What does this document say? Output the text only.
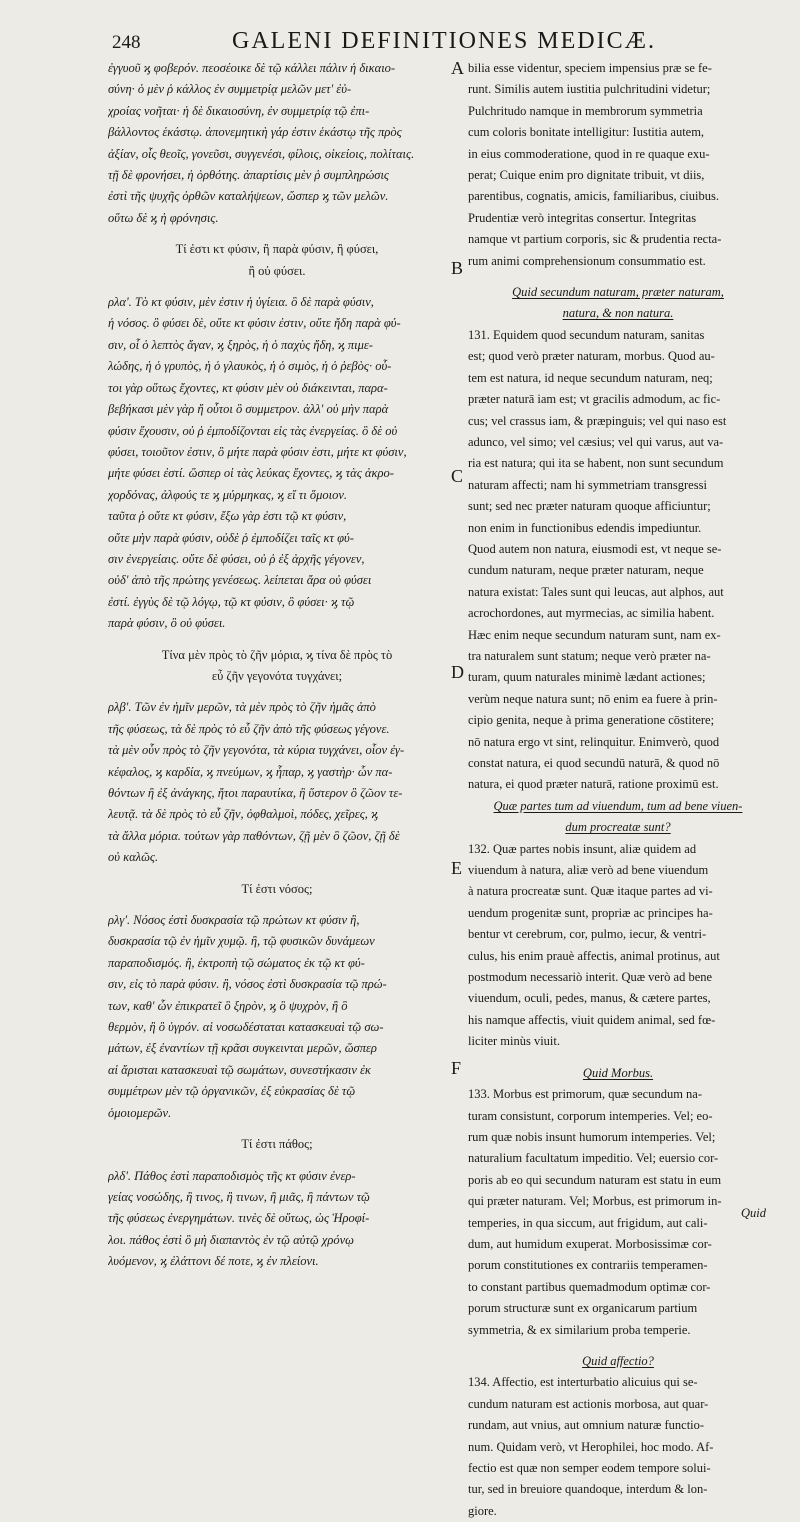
248	GALENI DEFINITIONES MEDICÆ.
ἐγγυοῦ ϗ φοβερόν. πεοσέοικε δὲ τῷ κάλλει πάλιν ἡ δικαιο-
σύνη· ὁ μὲν ῥ κάλλος ἐν συμμετρίᾳ μελῶν μετ' ἐὐ-
χροίας νοῆται· ἡ δὲ δικαιοσύνη, ἐν συμμετρίᾳ τῷ ἐπι-
βάλλοντος ἑκάστῳ. ἀπονεμητικὴ γάρ ἐστιν ἑκάστῳ τῆς πρὸς
ἀξίαν, οἷς θεοῖς, γονεῦσι, συγγενέσι, φίλοις, οἰκείοις, πολίταις.
τῇ δὲ φρονήσει, ἡ ὀρθότης. ἀπαρτίσις μὲν ῥ συμπληρώσις
ἐστὶ τῆς ψυχῆς ὀρθῶν καταλήψεων, ὥσπερ ϗ τῶν μελῶν.
οὕτω δὲ ϗ ἡ φρόνησις.
Τί ἐστι κτ φύσιν, ἢ παρὰ φύσιν, ἢ φύσει,
ἢ οὐ φύσει.
ρλα'. Τὸ κτ φύσιν, μὲν ἐστιν ἡ ὑγίεια. ὃ δὲ παρὰ φύσιν,
ἡ νόσος. ὃ φύσει δὲ, οὔτε κτ φύσιν ἐστιν, οὔτε ἤδη παρὰ φύ-
σιν, οἷ ὁ λεπτὸς ἄγαν, ϗ ξηρὸς, ἡ ὁ παχὺς ἤδη, ϗ πιμε-
λώδης, ἡ ὁ γρυπὸς, ἡ ὁ γλαυκὸς, ἡ ὁ σιμὸς, ἡ ὁ ῥεβὸς· οὗ-
τοι γὰρ οὕτως ἔχοντες, κτ φύσιν μὲν οὐ διάκεινται, παρα-
βεβήκασι μὲν γὰρ ἤ οὗτοι ὃ συμμετρον. ἀλλ' οὐ μὴν παρὰ
φύσιν ἔχουσιν, οὐ ῥ ἐμποδίζονται εἰς τὰς ἐνεργείας. ὃ δὲ οὐ
φύσει, τοιοῦτον ἐστιν, ὃ μήτε παρὰ φύσιν ἐστι, μήτε κτ φύσιν,
μήτε φύσει ἐστί. ὥσπερ οἱ τὰς λεύκας ἔχοντες, ϗ τὰς ἀκρο-
χορδόνας, ἀλφούς τε ϗ μύρμηκας, ϗ εἴ τι ὅμοιον.
ταῦτα ῥ οὔτε κτ φύσιν, ἔξω γὰρ ἐστι τῷ κτ φύσιν,
οὔτε μὴν παρὰ φύσιν, οὐδὲ ῥ ἐμποδίζει ταῖς κτ φύ-
σιν ἐνεργείαις. οὔτε δὲ φύσει, οὐ ῥ ἐξ ἀρχῆς γέγονεν,
οὐδ' ἀπὸ τῆς πρώτης γενέσεως. λείπεται ἄρα οὐ φύσει
ἐστί. ἐγγὺς δὲ τῷ λόγῳ, τῷ κτ φύσιν, ὃ φύσει· ϗ τῷ
παρὰ φύσιν, ὃ οὐ φύσει.
Τίνα μὲν πρὸς τὸ ζῆν μόρια, ϗ τίνα δὲ πρὸς τὸ
εὖ ζῆν γεγονότα τυγχάνει;
ρλβ'. Τῶν ἐν ἡμῖν μερῶν, τὰ μὲν πρὸς τὸ ζῆν ἡμᾶς ἀπὸ
τῆς φύσεως, τὰ δὲ πρὸς τὸ εὖ ζῆν ἀπὸ τῆς φύσεως γέγονε.
τὰ μὲν οὖν πρὸς τὸ ζῆν γεγονότα, τὰ κύρια τυγχάνει, οἷον ἐγ-
κέφαλος, ϗ καρδία, ϗ πνεύμων, ϗ ἧπαρ, ϗ γαστὴρ· ὧν πα-
θόντων ἢ ἐξ ἀνάγκης, ἤτοι παραυτίκα, ἢ ὕστερον ὃ ζῶον τε-
λευτᾷ. τὰ δὲ πρὸς τὸ εὖ ζῆν, ὀφθαλμοὶ, πόδες, χεῖρες, ϗ
τὰ ἄλλα μόρια. τούτων γὰρ παθόντων, ζῇ μὲν ὃ ζῶον, ζῇ δὲ
οὐ καλῶς.
Τί ἐστι νόσος;
ρλγ'. Νόσος ἐστὶ δυσκρασία τῷ πρώτων κτ φύσιν ἢ,
δυσκρασία τῷ ἐν ἡμῖν χυμῷ. ἢ, τῷ φυσικῶν δυνάμεων
παραποδισμός. ἢ, ἐκτροπὴ τῷ σώματος ἐκ τῷ κτ φύ-
σιν, εἰς τὸ παρὰ φύσιν. ἢ, νόσος ἐστὶ δυσκρασία τῷ πρώ-
των, καθ' ὧν ἐπικρατεῖ ὃ ξηρὸν, ϗ ὃ ψυχρὸν, ἢ ὃ
θερμὸν, ἢ ὃ ὑγρόν. αἱ νοσωδέσταται κατασκευαὶ τῷ σω-
μάτων, ἐξ ἐναντίων τῇ κρᾶσι συγκεινται μερῶν, ὥσπερ
αἱ ἄρισται κατασκευαὶ τῷ σωμάτων, συνεστήκασιν ἐκ
συμμέτρων μὲν τῷ ὀργανικῶν, ἐξ εὐκρασίας δὲ τῷ
ὁμοιομερῶν.
Τί ἐστι πάθος;
ρλδ'. Πάθος ἐστὶ παραποδισμὸς τῆς κτ φύσιν ἐνερ-
γείας νοσώδης, ἢ τινος, ἢ τινων, ἢ μιᾶς, ἢ πάντων τῷ
τῆς φύσεως ἐνεργημάτων. τινὲς δὲ οὕτως, ὡς Ἡροφί-
λοι. πάθος ἐστὶ ὃ μὴ διαπαντὸς ἐν τῷ αὐτῷ χρόνῳ
λυόμενον, ϗ ἐλάττονι δέ ποτε, ϗ ἐν πλείονι.
A
B
C
D
E
F
bilia esse videntur, speciem impensius præ se fe-
runt. Similis autem iustitia pulchritudini videtur;
Pulchritudo namque in membrorum symmetria
cum coloris bonitate intelligitur: Iustitia autem,
in eius commoderatione, quod in re quaque exu-
perat; Cuique enim pro dignitate tribuit, vt diis,
parentibus, cognatis, amicis, familiaribus, ciuibus.
Prudentiæ verò integritas consertur. Integritas
namque vt partium corporis, sic & prudentia recta-
rum animi comprehensionum consummatio est.
Quid secundum naturam, præter naturam,
natura, & non natura.
131. Equidem quod secundum naturam, sanitas
est; quod verò præter naturam, morbus. Quod au-
tem est natura, id neque secundum naturam, neq;
præter naturā iam est; vt gracilis admodum, ac fic-
cus; vel crassus iam, & præpinguis; vel qui naso est
adunco, vel simo; vel cæsius; vel qui varus, aut va-
ria est natura; qui ita se habent, non sunt secundum
naturam affecti; nam hi symmetriam transgressi
sunt; sed nec præter naturam quoque afficiuntur;
non enim in functionibus edendis impediuntur.
Quod autem non natura, eiusmodi est, vt neque se-
cundum naturam, neque præter naturam, neque
natura existat: Tales sunt qui leucas, aut alphos, aut
acrochordones, aut myrmecias, ac similia habent.
Hæc enim neque secundum naturam sunt, nam ex-
tra naturalem sunt statum; neque verò præter na-
turam, quum naturales minimè lædant actiones;
verùm neque natura sunt; nō enim ea fuere à prin-
cipio genita, neque à prima generatione cōstitere;
nō natura ergo vt sint, relinquitur. Enimverò, quod
constat natura, ei quod secundū naturā, & quod nō
natura, ei quod præter naturā, ratione proximū est.
Quæ partes tum ad viuendum, tum ad bene viuen-
dum procreatæ sunt?
132. Quæ partes nobis insunt, aliæ quidem ad
viuendum à natura, aliæ verò ad bene viuendum
à natura procreatæ sunt. Quæ itaque partes ad vi-
uendum progenitæ sunt, propriæ ac principes ha-
bentur vt cerebrum, cor, pulmo, iecur, & ventri-
culus, his enim prauè affectis, animal protinus, aut
postmodum necessariò interit. Quæ verò ad bene
viuendum, oculi, pedes, manus, & cætere partes,
his namque affectis, viuit quidem animal, sed fœ-
liciter minùs viuit.
Quid Morbus.
133. Morbus est primorum, quæ secundum na-
turam consistunt, corporum intemperies. Vel; eo-
rum quæ nobis insunt humorum intemperies. Vel;
naturalium facultatum impeditio. Vel; euersio cor-
poris ab eo qui secundum naturam est statu in eum
qui præter naturam. Vel; Morbus, est primorum in-
temperies, in qua siccum, aut frigidum, aut cali-
dum, aut humidum exuperat. Morbosissimæ cor-
porum constitutiones ex contrariis temperamen-
to constant partibus quemadmodum optimæ cor-
porum structuræ sunt ex organicarum partium
symmetria, & ex similarium proba temperie.
Quid affectio?
134. Affectio, est interturbatio alicuius qui se-
cundum naturam est actionis morbosa, aut quar-
rundam, aut vnius, aut omnium naturæ functio-
num. Quidam verò, vt Herophilei, hoc modo. Af-
fectio est quæ non semper eodem tempore solui-
tur, sed in breuiore quandoque, interdum & lon-
giore.
Quid
